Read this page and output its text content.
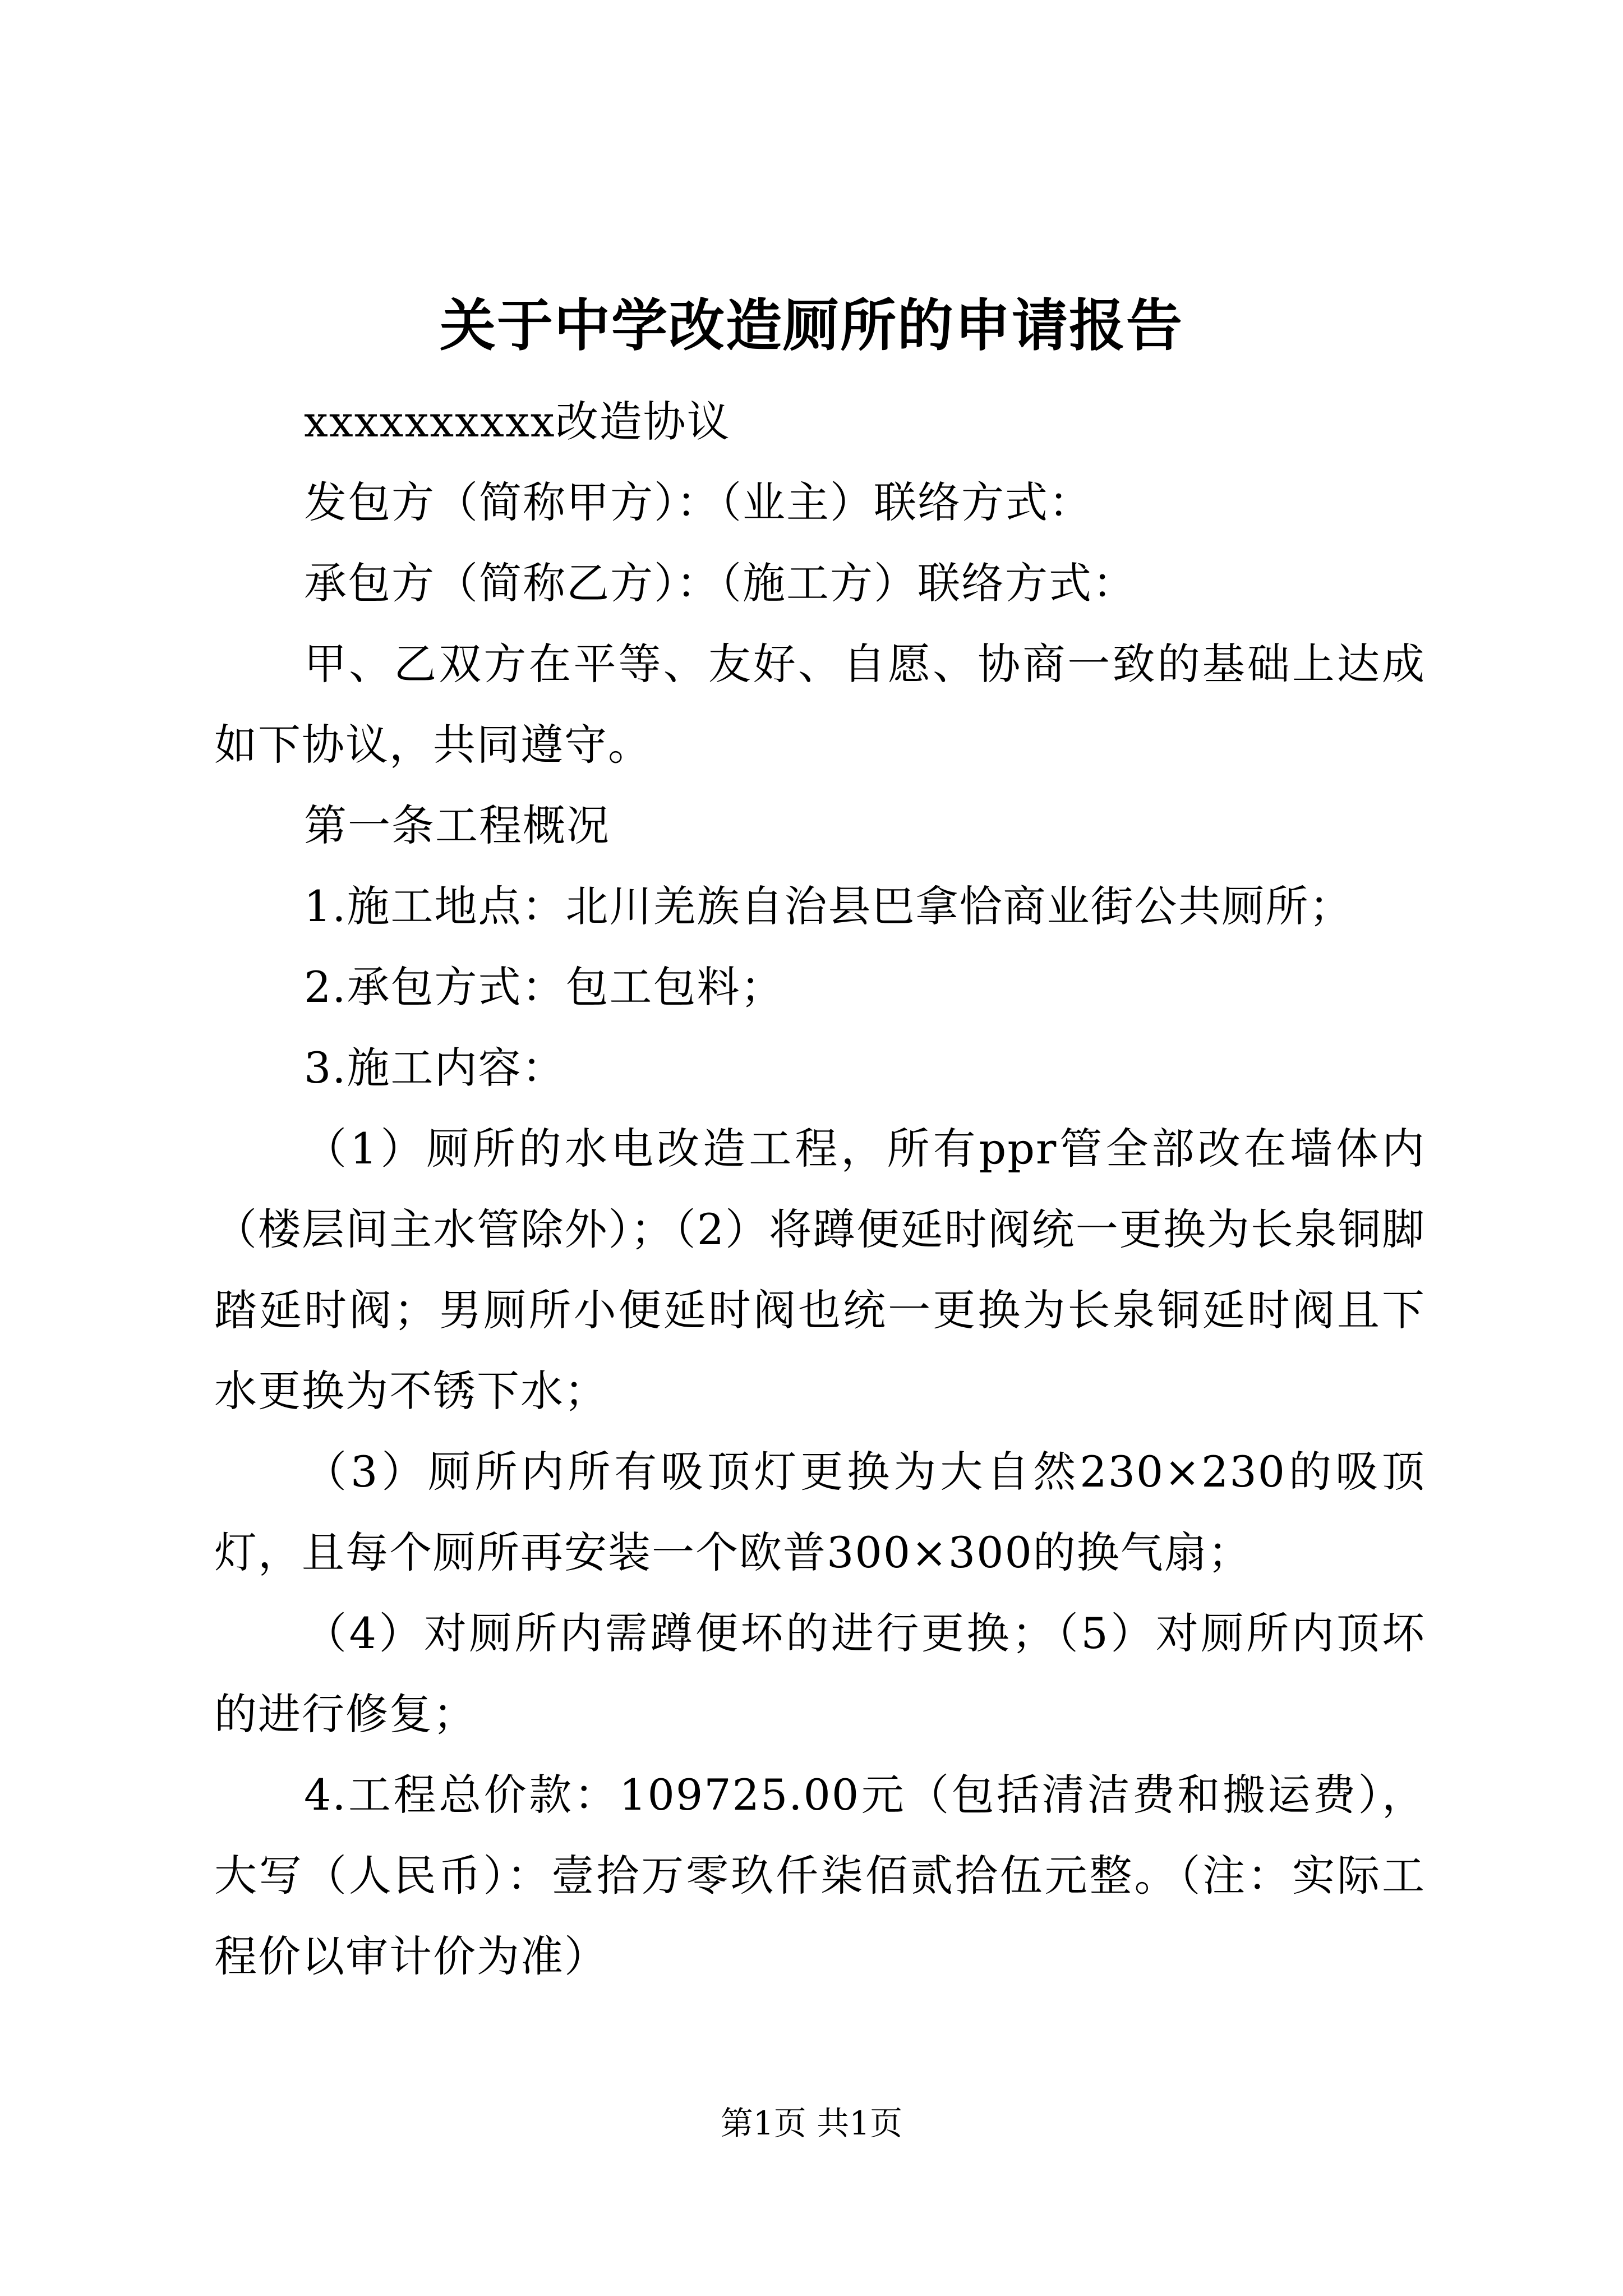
关于中学改造厕所的申请报告

xxxxxxxxxx改造协议

发包方（简称甲方）：（业主）联络方式：

承包方（简称乙方）：（施工方）联络方式：

甲、乙双方在平等、友好、自愿、协商一致的基础上达成如下协议，共同遵守。

第一条工程概况

1.施工地点：北川羌族自治县巴拿恰商业街公共厕所；

2.承包方式：包工包料；

3.施工内容：

（1）厕所的水电改造工程，所有ppr管全部改在墙体内（楼层间主水管除外）；（2）将蹲便延时阀统一更换为长泉铜脚踏延时阀；男厕所小便延时阀也统一更换为长泉铜延时阀且下水更换为不锈下水；

（3）厕所内所有吸顶灯更换为大自然230×230的吸顶灯，且每个厕所再安装一个欧普300×300的换气扇；

（4）对厕所内需蹲便坏的进行更换；（5）对厕所内顶坏的进行修复；

4.工程总价款：109725.00元（包括清洁费和搬运费），大写（人民币）：壹拾万零玖仟柒佰贰拾伍元整。（注：实际工程价以审计价为准）

第1页 共1页
